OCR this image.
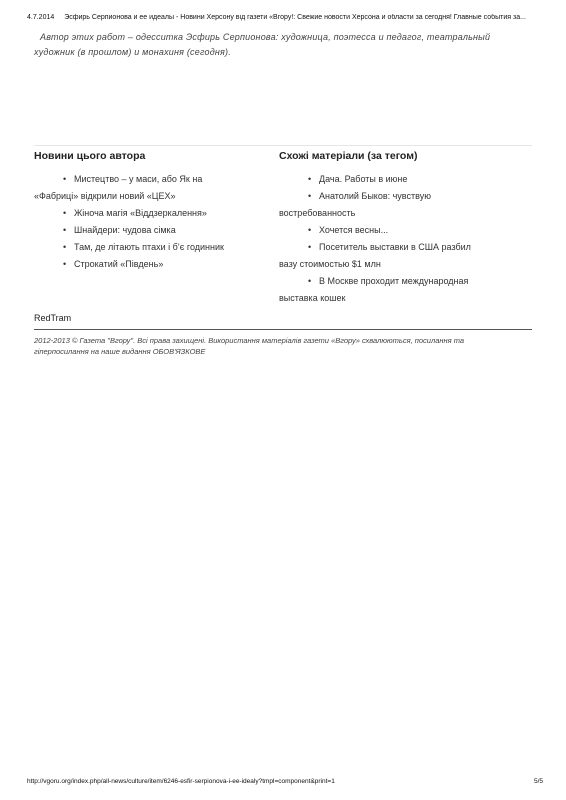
4.7.2014 Эсфирь Серпионова и ее идеалы - Новини Херсону від газети «Вгору!: Свежие новости Херсона и области за сегодня! Главные события за...
Автор этих работ – одесситка Эсфирь Серпионова: художница, поэтесса и педагог, театральный
художник (в прошлом) и монахиня (сегодня).
Новини цього автора
• Мистецтво – у маси, або Як на
«Фабриці» відкрили новий «ЦЕХ»
• Жіноча магія «Віддзеркалення»
• Шнайдери: чудова сімка
• Там, де літають птахи і б’є годинник
• Строкатий «Південь»
Схожі матеріали (за тегом)
• Дача. Работы в июне
• Анатолий Быков: чувствую
востребованность
• Хочется весны...
• Посетитель выставки в США разбил
вазу стоимостью $1 млн
• В Москве проходит международная
выставка кошек
RedTram
2012-2013 © Газета "Вгору". Всі права захищені. Використання матеріалів газети «Вгору» схвалюються, посилання та
гіперпосилання на наше видання ОБОВ'ЯЗКОВЕ
http://vgoru.org/index.php/all-news/culture/item/6246-esfir-serpionova-i-ee-idealy?tmpl=component&print=1	5/5
